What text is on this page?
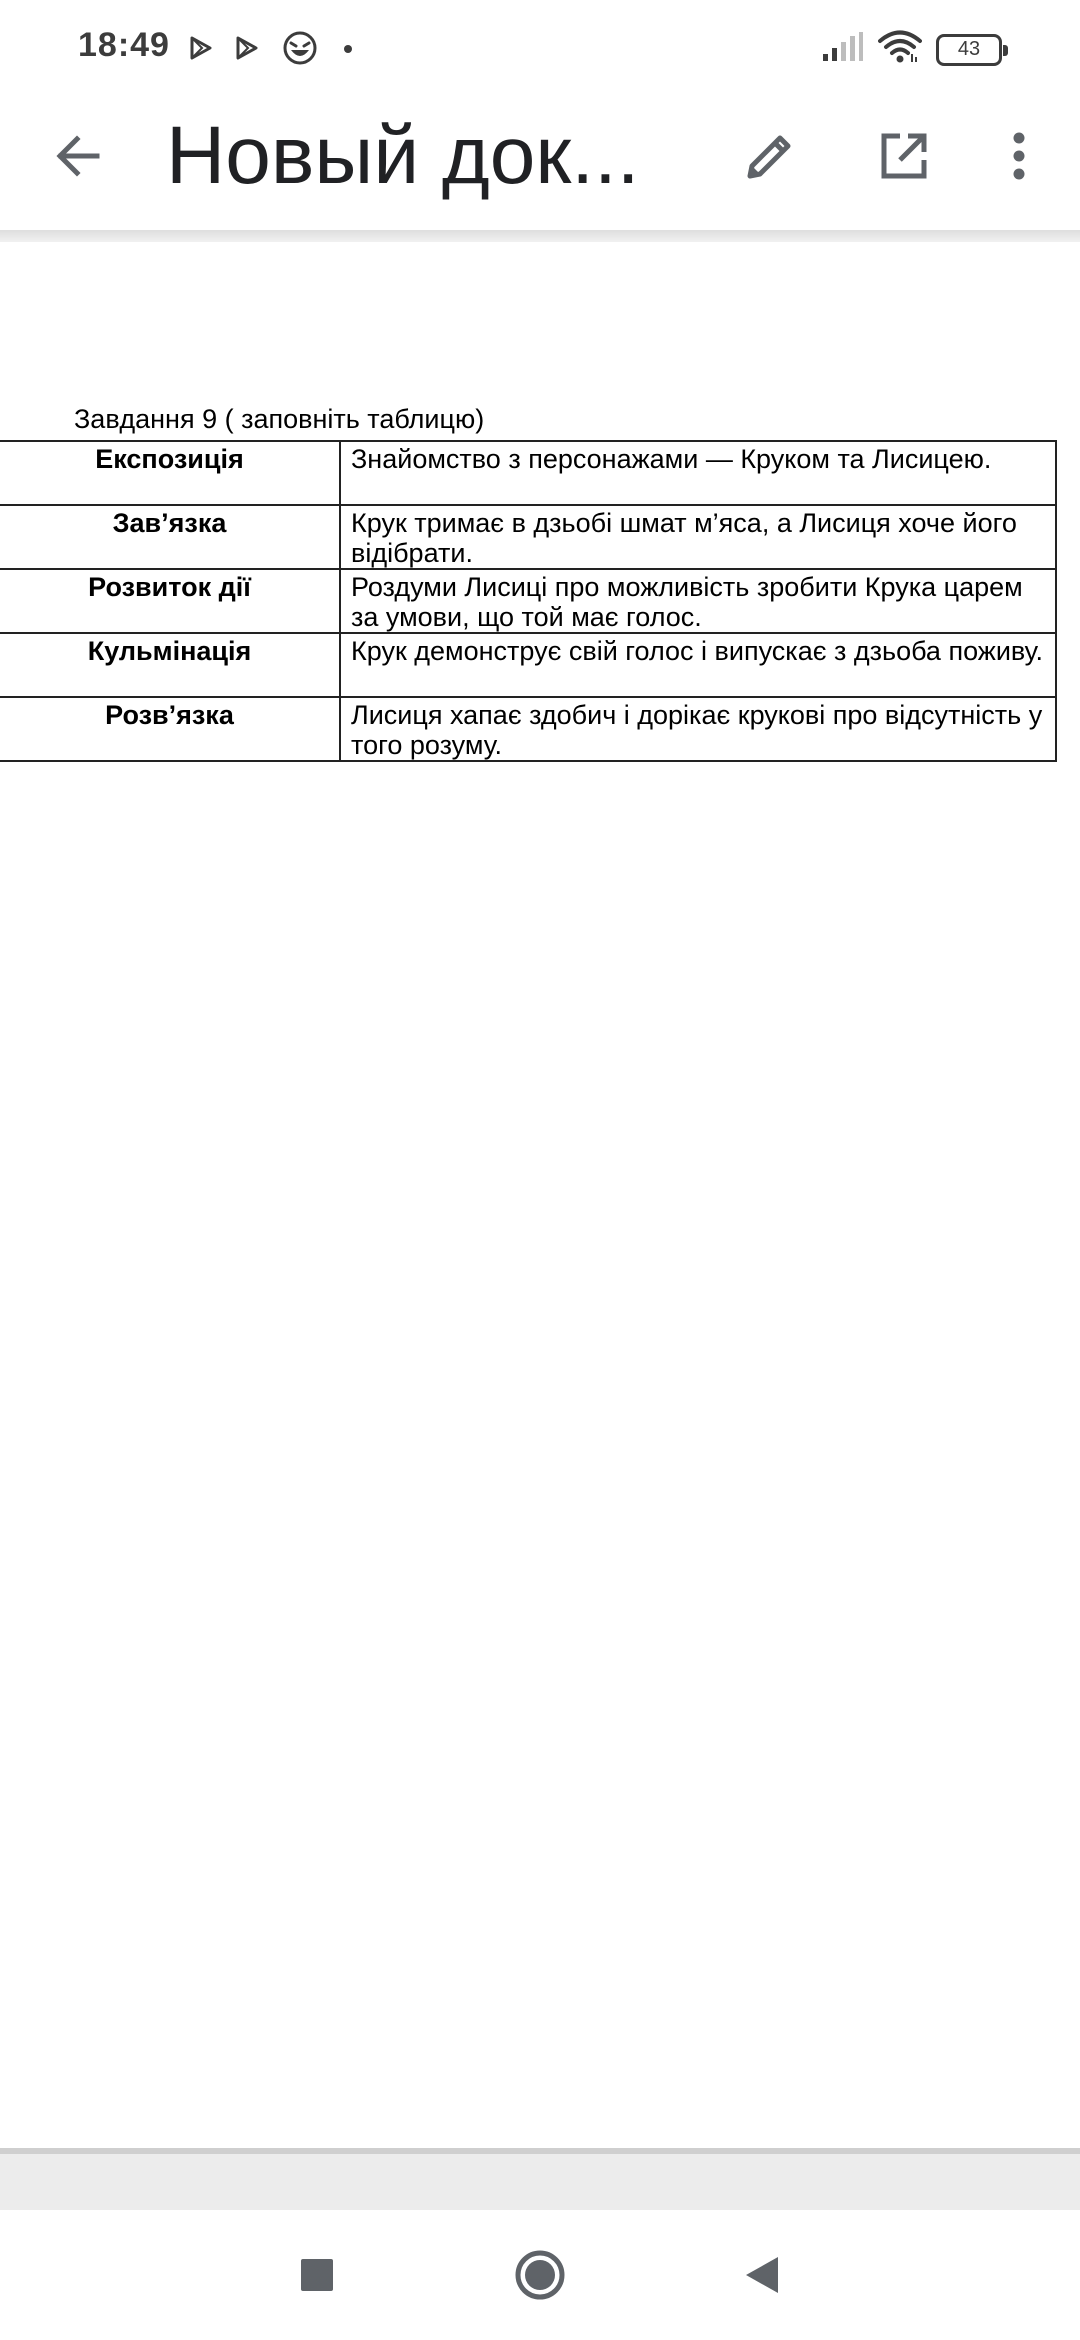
18:49	43
Новый док...
Завдання 9 ( заповніть таблицю)
Експозиція	Знайомство з персонажами — Круком та Лисицею.
Зав’язка	Крук тримає в дзьобі шмат м’яса, а Лисиця хоче його відібрати.
Розвиток дії	Роздуми Лисиці про можливість зробити Крука царем за умови, що той має голос.
Кульмінація	Крук демонструє свій голос і випускає з дзьоба поживу.
Розв’язка	Лисиця хапає здобич і дорікає крукові про відсутність у того розуму.
